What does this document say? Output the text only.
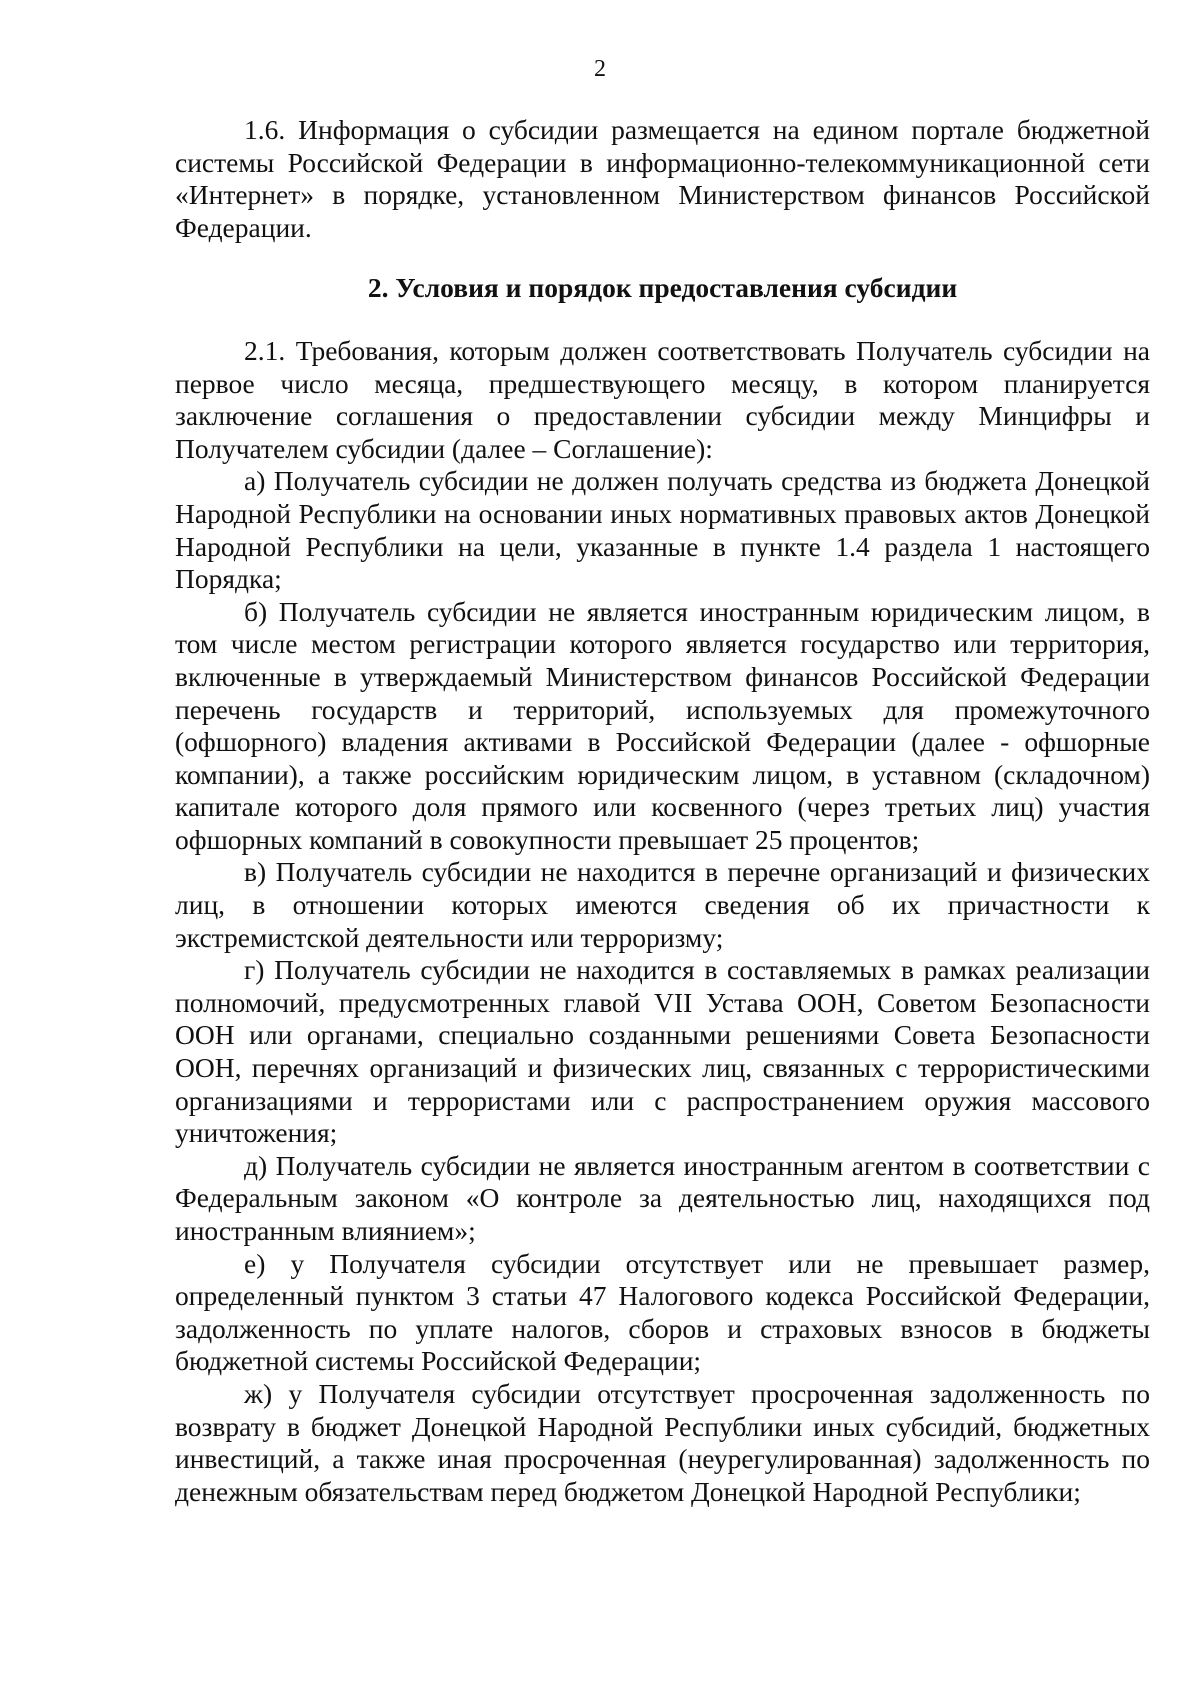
2

1.6. Информация о субсидии размещается на едином портале бюджетной системы Российской Федерации в информационно-телекоммуникационной сети «Интернет» в порядке, установленном Министерством финансов Российской Федерации.

2. Условия и порядок предоставления субсидии

2.1. Требования, которым должен соответствовать Получатель субсидии на первое число месяца, предшествующего месяцу, в котором планируется заключение соглашения о предоставлении субсидии между Минцифры и Получателем субсидии (далее – Соглашение):

а) Получатель субсидии не должен получать средства из бюджета Донецкой Народной Республики на основании иных нормативных правовых актов Донецкой Народной Республики на цели, указанные в пункте 1.4 раздела 1 настоящего Порядка;

б) Получатель субсидии не является иностранным юридическим лицом, в том числе местом регистрации которого является государство или территория, включенные в утверждаемый Министерством финансов Российской Федерации перечень государств и территорий, используемых для промежуточного (офшорного) владения активами в Российской Федерации (далее - офшорные компании), а также российским юридическим лицом, в уставном (складочном) капитале которого доля прямого или косвенного (через третьих лиц) участия офшорных компаний в совокупности превышает 25 процентов;

в) Получатель субсидии не находится в перечне организаций и физических лиц, в отношении которых имеются сведения об их причастности к экстремистской деятельности или терроризму;

г) Получатель субсидии не находится в составляемых в рамках реализации полномочий, предусмотренных главой VII Устава ООН, Советом Безопасности ООН или органами, специально созданными решениями Совета Безопасности ООН, перечнях организаций и физических лиц, связанных с террористическими организациями и террористами или с распространением оружия массового уничтожения;

д) Получатель субсидии не является иностранным агентом в соответствии с Федеральным законом «О контроле за деятельностью лиц, находящихся под иностранным влиянием»;

е) у Получателя субсидии отсутствует или не превышает размер, определенный пунктом 3 статьи 47 Налогового кодекса Российской Федерации, задолженность по уплате налогов, сборов и страховых взносов в бюджеты бюджетной системы Российской Федерации;

ж) у Получателя субсидии отсутствует просроченная задолженность по возврату в бюджет Донецкой Народной Республики иных субсидий, бюджетных инвестиций, а также иная просроченная (неурегулированная) задолженность по денежным обязательствам перед бюджетом Донецкой Народной Республики;
